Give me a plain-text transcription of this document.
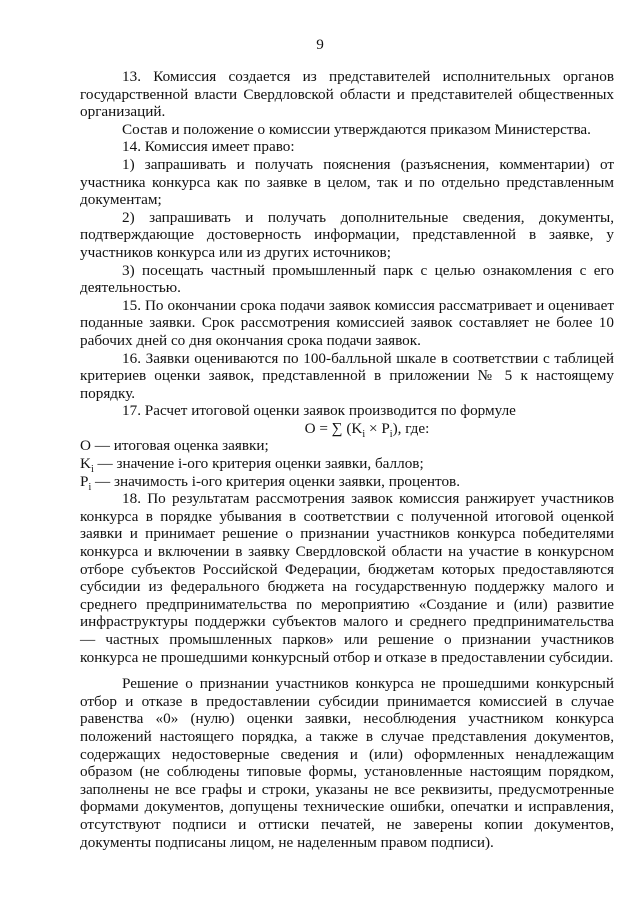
9

13. Комиссия создается из представителей исполнительных органов государственной власти Свердловской области и представителей общественных организаций.

Состав и положение о комиссии утверждаются приказом Министерства.

14. Комиссия имеет право:

1) запрашивать и получать пояснения (разъяснения, комментарии) от участника конкурса как по заявке в целом, так и по отдельно представленным документам;

2) запрашивать и получать дополнительные сведения, документы, подтверждающие достоверность информации, представленной в заявке, у участников конкурса или из других источников;

3) посещать частный промышленный парк с целью ознакомления с его деятельностью.

15. По окончании срока подачи заявок комиссия рассматривает и оценивает поданные заявки. Срок рассмотрения комиссией заявок составляет не более 10 рабочих дней со дня окончания срока подачи заявок.

16. Заявки оцениваются по 100-балльной шкале в соответствии с таблицей критериев оценки заявок, представленной в приложении № 5 к настоящему порядку.

17. Расчет итоговой оценки заявок производится по формуле

O = ∑ $(K_i \times P_i)$, где:

O — итоговая оценка заявки;

$K_i$ — значение i-ого критерия оценки заявки, баллов;

$P_i$ — значимость i-ого критерия оценки заявки, процентов.

18. По результатам рассмотрения заявок комиссия ранжирует участников конкурса в порядке убывания в соответствии с полученной итоговой оценкой заявки и принимает решение о признании участников конкурса победителями конкурса и включении в заявку Свердловской области на участие в конкурсном отборе субъектов Российской Федерации, бюджетам которых предоставляются субсидии из федерального бюджета на государственную поддержку малого и среднего предпринимательства по мероприятию «Создание и (или) развитие инфраструктуры поддержки субъектов малого и среднего предпринимательства — частных промышленных парков» или решение о признании участников конкурса не прошедшими конкурсный отбор и отказе в предоставлении субсидии.

Решение о признании участников конкурса не прошедшими конкурсный отбор и отказе в предоставлении субсидии принимается комиссией в случае равенства «0» (нулю) оценки заявки, несоблюдения участником конкурса положений настоящего порядка, а также в случае представления документов, содержащих недостоверные сведения и (или) оформленных ненадлежащим образом (не соблюдены типовые формы, установленные настоящим порядком, заполнены не все графы и строки, указаны не все реквизиты, предусмотренные формами документов, допущены технические ошибки, опечатки и исправления, отсутствуют подписи и оттиски печатей, не заверены копии документов, документы подписаны лицом, не наделенным правом подписи).
